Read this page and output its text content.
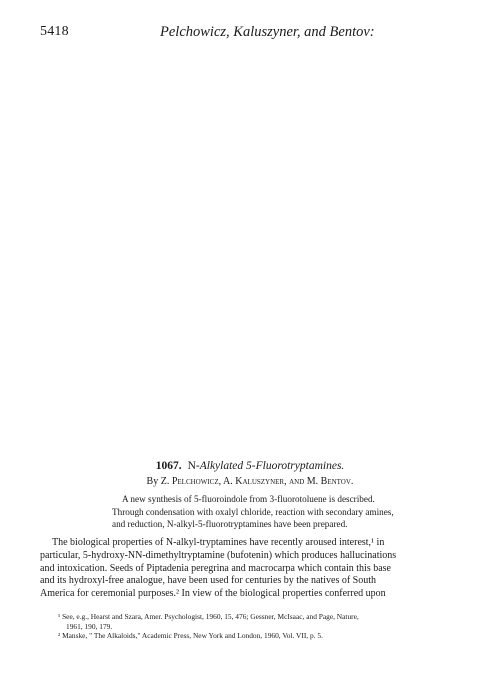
5418	Pelchowicz, Kaluszyner, and Bentov:
1067. N-Alkylated 5-Fluorotryptamines.
By Z. Pelchowicz, A. Kaluszyner, and M. Bentov.
A new synthesis of 5-fluoroindole from 3-fluorotoluene is described.
Through condensation with oxalyl chloride, reaction with secondary amines,
and reduction, N-alkyl-5-fluorotryptamines have been prepared.
The biological properties of N-alkyl-tryptamines have recently aroused interest,¹ in
particular, 5-hydroxy-NN-dimethyltryptamine (bufotenin) which produces hallucinations
and intoxication. Seeds of Piptadenia peregrina and macrocarpa which contain this base
and its hydroxyl-free analogue, have been used for centuries by the natives of South
America for ceremonial purposes.² In view of the biological properties conferred upon
¹ See, e.g., Hearst and Szara, Amer. Psychologist, 1960, 15, 476; Gessner, McIsaac, and Page, Nature,
1961, 190, 179.
² Manske, " The Alkaloids," Academic Press, New York and London, 1960, Vol. VII, p. 5.
